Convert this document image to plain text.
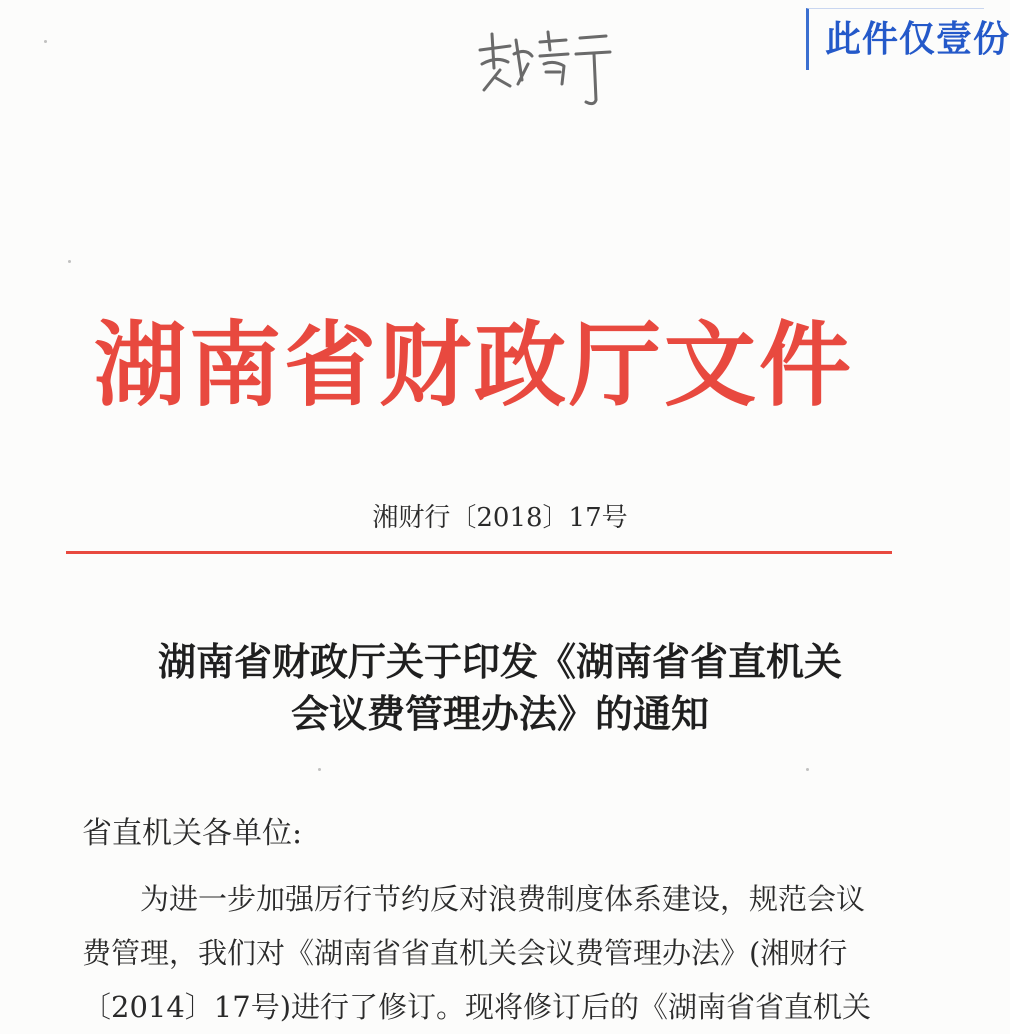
此件仅壹份
湖南省财政厅文件
湘财行〔2018〕17号
湖南省财政厅关于印发《湖南省省直机关
会议费管理办法》的通知
省直机关各单位:
为进一步加强厉行节约反对浪费制度体系建设，规范会议
费管理，我们对《湖南省省直机关会议费管理办法》(湘财行
〔2014〕17号)进行了修订。现将修订后的《湖南省省直机关
